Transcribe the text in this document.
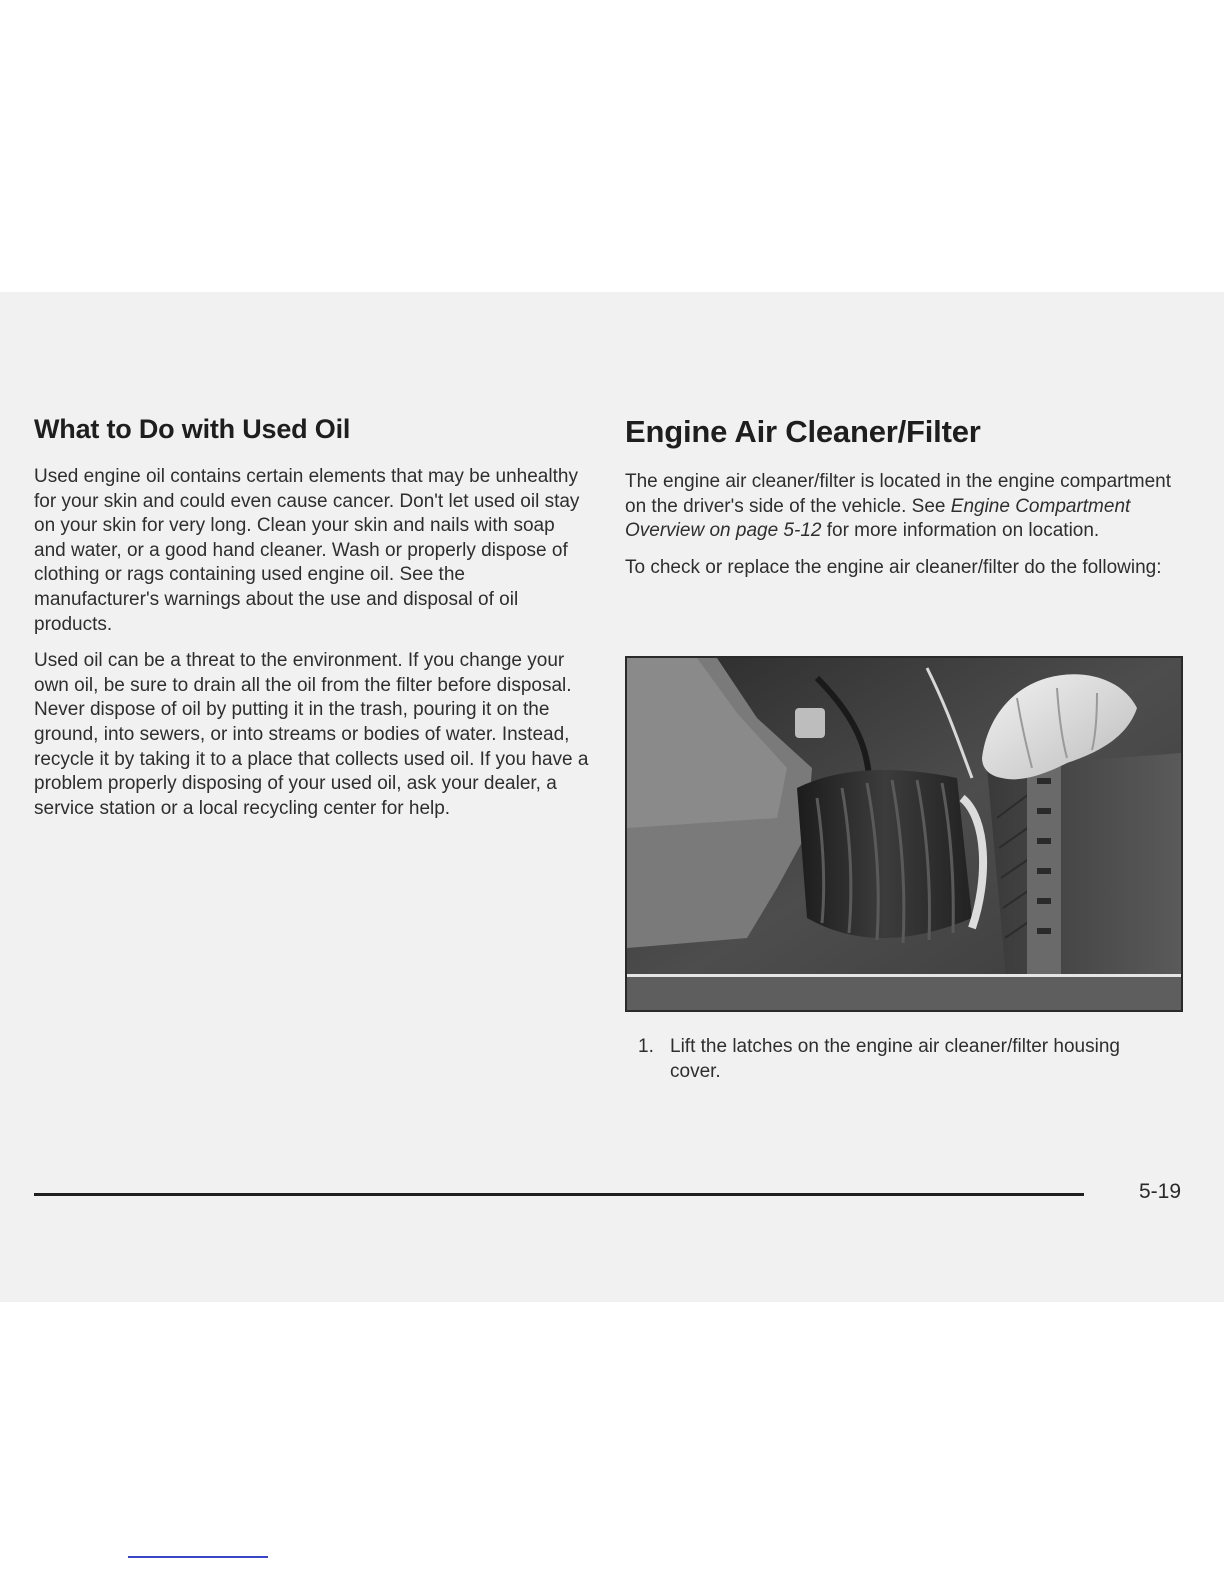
What to Do with Used Oil

Used engine oil contains certain elements that may be unhealthy for your skin and could even cause cancer. Don't let used oil stay on your skin for very long. Clean your skin and nails with soap and water, or a good hand cleaner. Wash or properly dispose of clothing or rags containing used engine oil. See the manufacturer's warnings about the use and disposal of oil products.

Used oil can be a threat to the environment. If you change your own oil, be sure to drain all the oil from the filter before disposal. Never dispose of oil by putting it in the trash, pouring it on the ground, into sewers, or into streams or bodies of water. Instead, recycle it by taking it to a place that collects used oil. If you have a problem properly disposing of your used oil, ask your dealer, a service station or a local recycling center for help.

Engine Air Cleaner/Filter

The engine air cleaner/filter is located in the engine compartment on the driver's side of the vehicle. See Engine Compartment Overview on page 5-12 for more information on location.

To check or replace the engine air cleaner/filter do the following:

1. Lift the latches on the engine air cleaner/filter housing cover.
5-19
